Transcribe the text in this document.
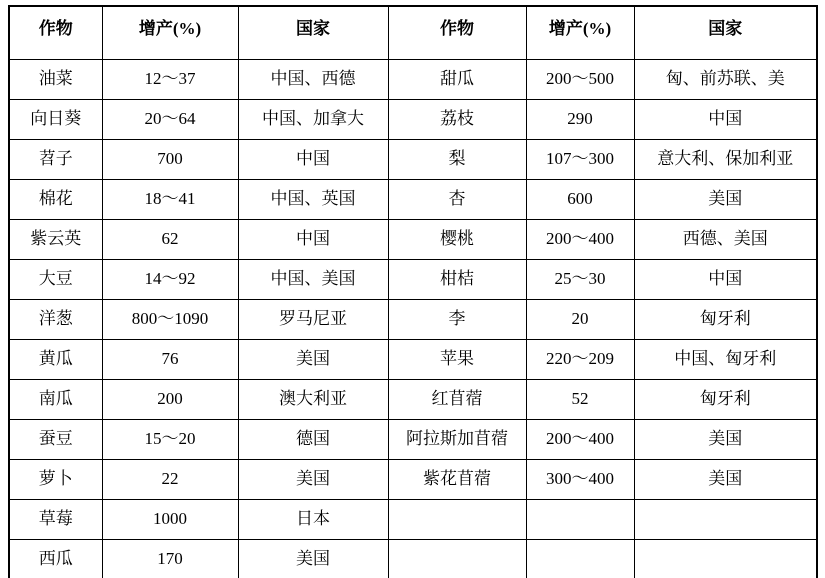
作物	增产(%)	国家	作物	增产(%)	国家
油菜	12～37	中国、西德	甜瓜	200～500	匈、前苏联、美
向日葵	20～64	中国、加拿大	荔枝	290	中国
苕子	700	中国	梨	107～300	意大利、保加利亚
棉花	18～41	中国、英国	杏	600	美国
紫云英	62	中国	樱桃	200～400	西德、美国
大豆	14～92	中国、美国	柑桔	25～30	中国
洋葱	800～1090	罗马尼亚	李	20	匈牙利
黄瓜	76	美国	苹果	220～209	中国、匈牙利
南瓜	200	澳大利亚	红苜蓿	52	匈牙利
蚕豆	15～20	德国	阿拉斯加苜蓿	200～400	美国
萝卜	22	美国	紫花苜蓿	300～400	美国
草莓	1000	日本			
西瓜	170	美国			
